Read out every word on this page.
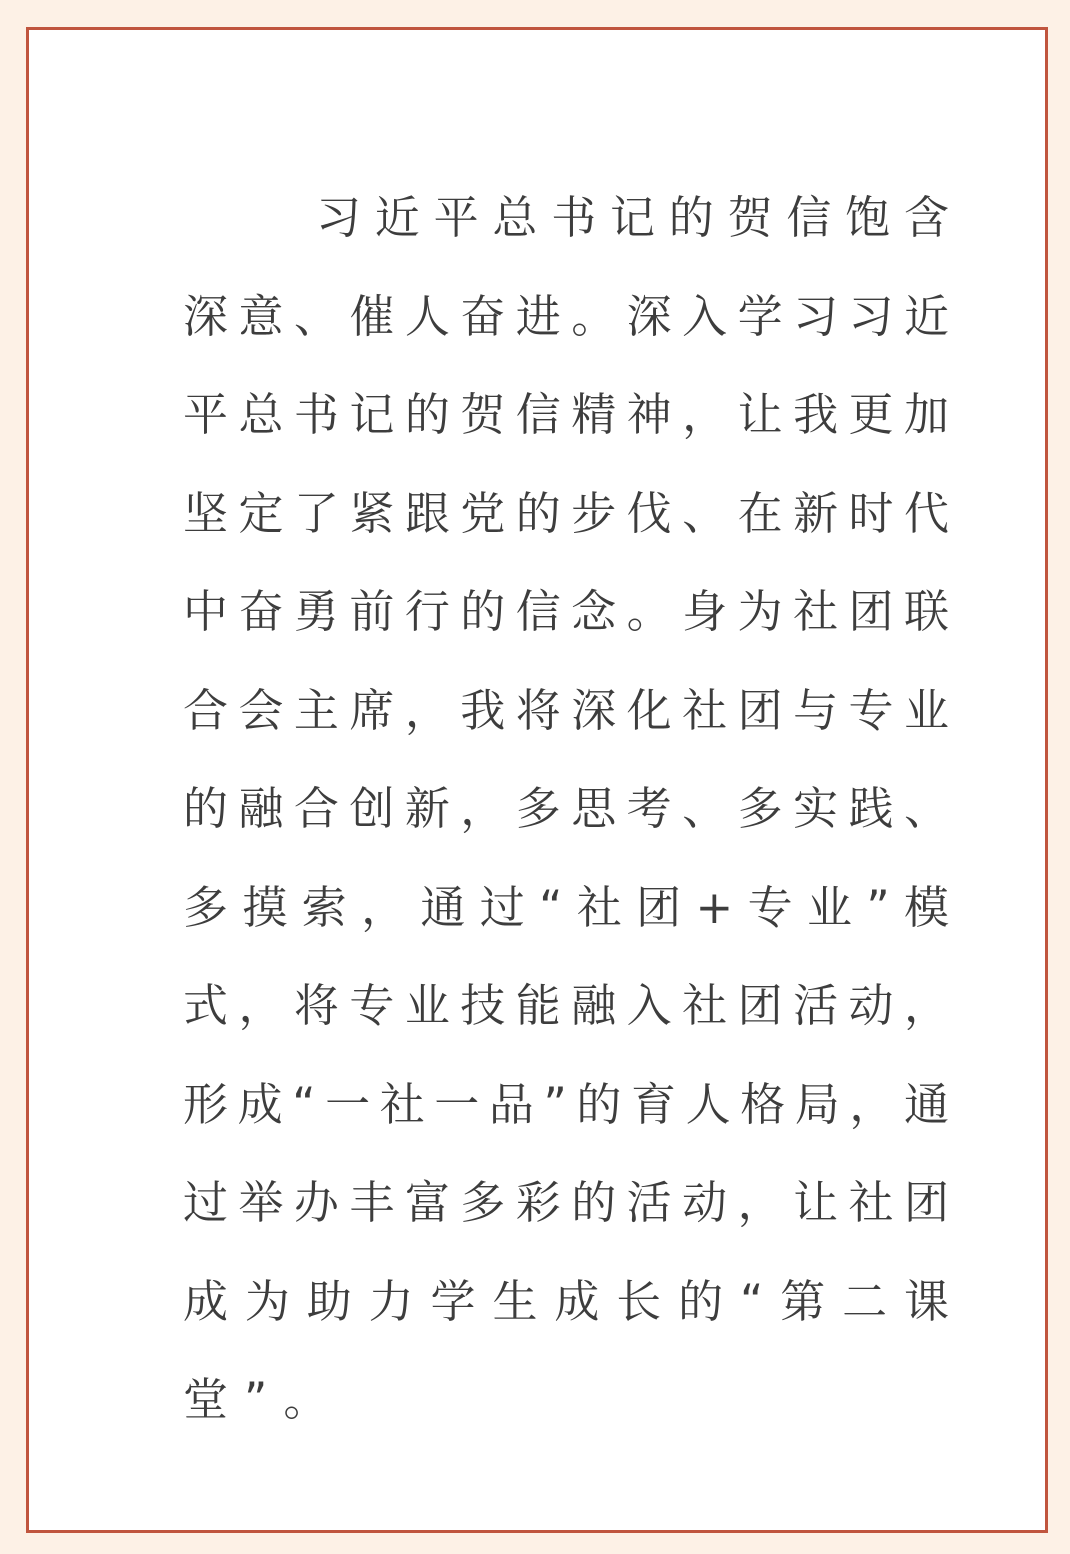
习近平总书记的贺信饱含
深意、催人奋进。深入学习习近
平总书记的贺信精神，让我更加
坚定了紧跟党的步伐、在新时代
中奋勇前行的信念。身为社团联
合会主席，我将深化社团与专业
的融合创新，多思考、多实践、
多摸索，通过“社团+专业”模
式，将专业技能融入社团活动，
形成“一社一品”的育人格局，通
过举办丰富多彩的活动，让社团
成为助力学生成长的“第二课
堂”。
